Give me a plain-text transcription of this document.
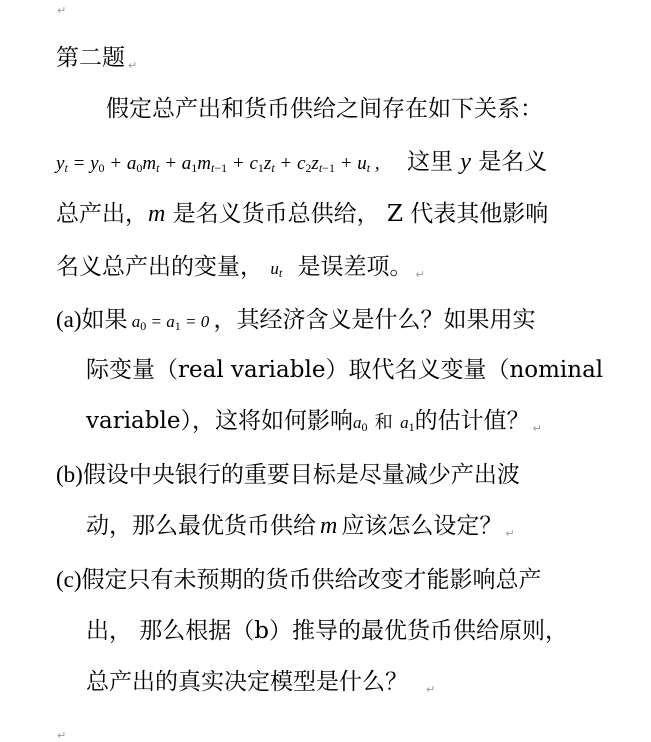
↵
第二题 ↵
假定总产出和货币供给之间存在如下关系：
$y_t = y_0 + a_0m_t + a_1m_{t-1} + c_1z_t + c_2z_{t-1} + u_t$ , 这里 y 是名义
总产出，m 是名义货币总供给， Z 代表其他影响
名义总产出的变量， $u_t$ 是误差项。 ↵
(a)如果 $a_0 = a_1 = 0$ ，其经济含义是什么？如果用实
际变量（real variable）取代名义变量（nominal
variable），这将如何影响$a_0$ 和 $a_1$的估计值？ ↵
(b)假设中央银行的重要目标是尽量减少产出波
动，那么最优货币供给 m 应该怎么设定？ ↵
(c)假定只有未预期的货币供给改变才能影响总产
出， 那么根据（b）推导的最优货币供给原则，
总产出的真实决定模型是什么？ ↵
↵
